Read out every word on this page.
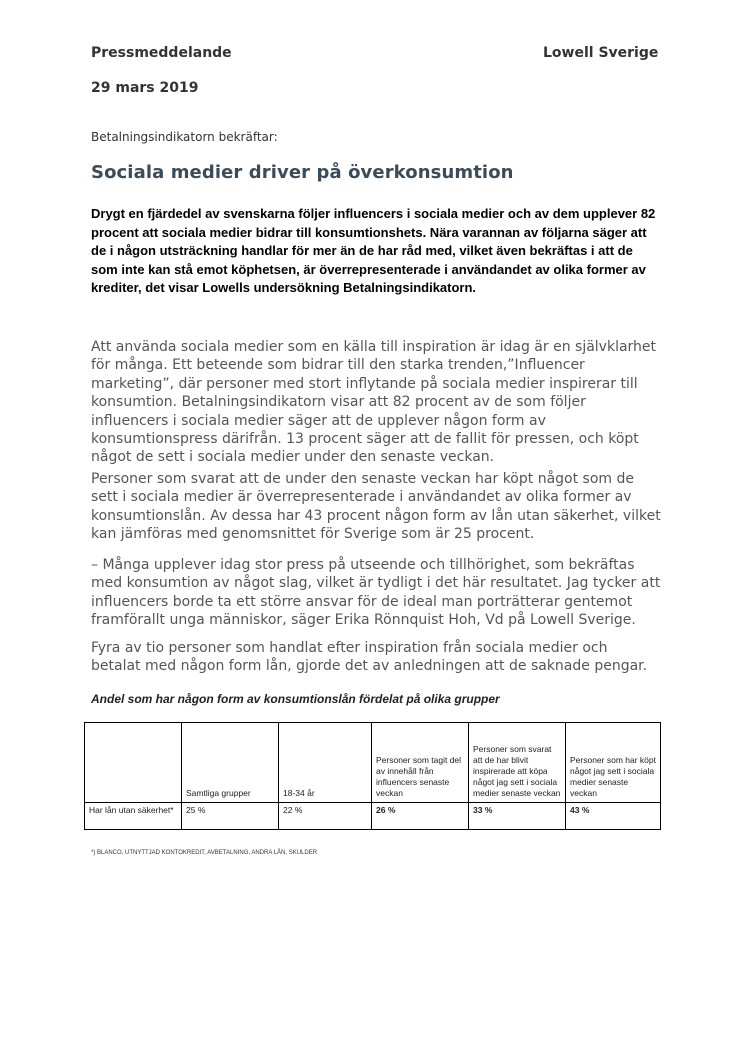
Pressmeddelande	Lowell Sverige
29 mars 2019
Betalningsindikatorn bekräftar:
Sociala medier driver på överkonsumtion
Drygt en fjärdedel av svenskarna följer influencers i sociala medier och av dem upplever 82 procent att sociala medier bidrar till konsumtionshets. Nära varannan av följarna säger att de i någon utsträckning handlar för mer än de har råd med, vilket även bekräftas i att de som inte kan stå emot köphetsen, är överrepresenterade i användandet av olika former av krediter, det visar Lowells undersökning Betalningsindikatorn.
Att använda sociala medier som en källa till inspiration är idag är en självklarhet för många. Ett beteende som bidrar till den starka trenden,”Influencer marketing”, där personer med stort inflytande på sociala medier inspirerar till konsumtion. Betalningsindikatorn visar att 82 procent av de som följer influencers i sociala medier säger att de upplever någon form av konsumtionspress därifrån. 13 procent säger att de fallit för pressen, och köpt något de sett i sociala medier under den senaste veckan.
Personer som svarat att de under den senaste veckan har köpt något som de sett i sociala medier är överrepresenterade i användandet av olika former av konsumtionslån. Av dessa har 43 procent någon form av lån utan säkerhet, vilket kan jämföras med genomsnittet för Sverige som är 25 procent.
– Många upplever idag stor press på utseende och tillhörighet, som bekräftas med konsumtion av något slag, vilket är tydligt i det här resultatet. Jag tycker att influencers borde ta ett större ansvar för de ideal man porträtterar gentemot framförallt unga människor, säger Erika Rönnquist Hoh, Vd på Lowell Sverige.
Fyra av tio personer som handlat efter inspiration från sociala medier och betalat med någon form lån, gjorde det av anledningen att de saknade pengar.
Andel som har någon form av konsumtionslån fördelat på olika grupper
	Samtliga grupper	18-34 år	Personer som tagit del av innehåll från influencers senaste veckan	Personer som svarat att de har blivit inspirerade att köpa något jag sett i sociala medier senaste veckan	Personer som har köpt något jag sett i sociala medier senaste veckan
Har lån utan säkerhet*	25 %	22 %	26 %	33 %	43 %
*) BLANCO, UTNYTTJAD KONTOKREDIT, AVBETALNING, ANDRA LÅN, SKULDER
